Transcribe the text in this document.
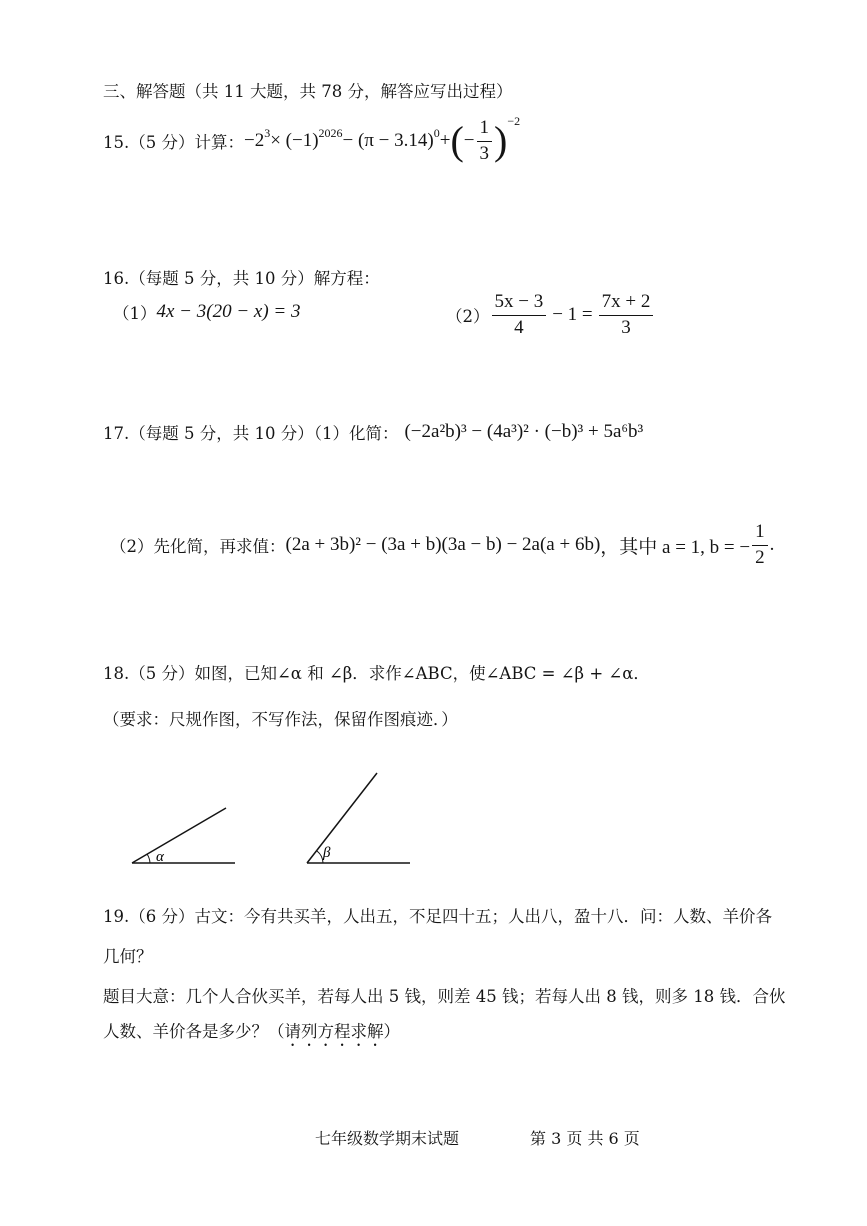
三、解答题（共 11 大题，共 78 分，解答应写出过程）
15.（5 分）计算： −2 3 × (−1) 2026 − (π − 3.14) 0 + ( − $\frac{1}{3}$ ) −2
16.（每题 5 分，共 10 分）解方程：
（1） 4x − 3(20 − x) = 3	$(2) \frac{5x - 3}{4} - 1 = \frac{7x + 2}{3}$
17.（每题 5 分，共 10 分）（1）化简： (−2a²b)³ − (4a³)² · (−b)³ + 5a⁶b³
（2）先化简，再求值： (2a + 3b)² − (3a + b)(3a − b) − 2a(a + 6b) ，其中 a = 1, b = − $\frac{1}{2}$ .
18.（5 分）如图，已知∠α 和 ∠β．求作∠ABC，使∠ABC = ∠β + ∠α．
（要求：尺规作图，不写作法，保留作图痕迹．）
α	β
19.（6 分）古文：今有共买羊，人出五，不足四十五；人出八，盈十八．问：人数、羊价各
几何？
题目大意：几个人合伙买羊，若每人出 5 钱，则差 45 钱；若每人出 8 钱，则多 18 钱．合伙
人数、羊价各是多少？（请列方程求解）
七年级数学期末试题	第 3 页 共 6 页
